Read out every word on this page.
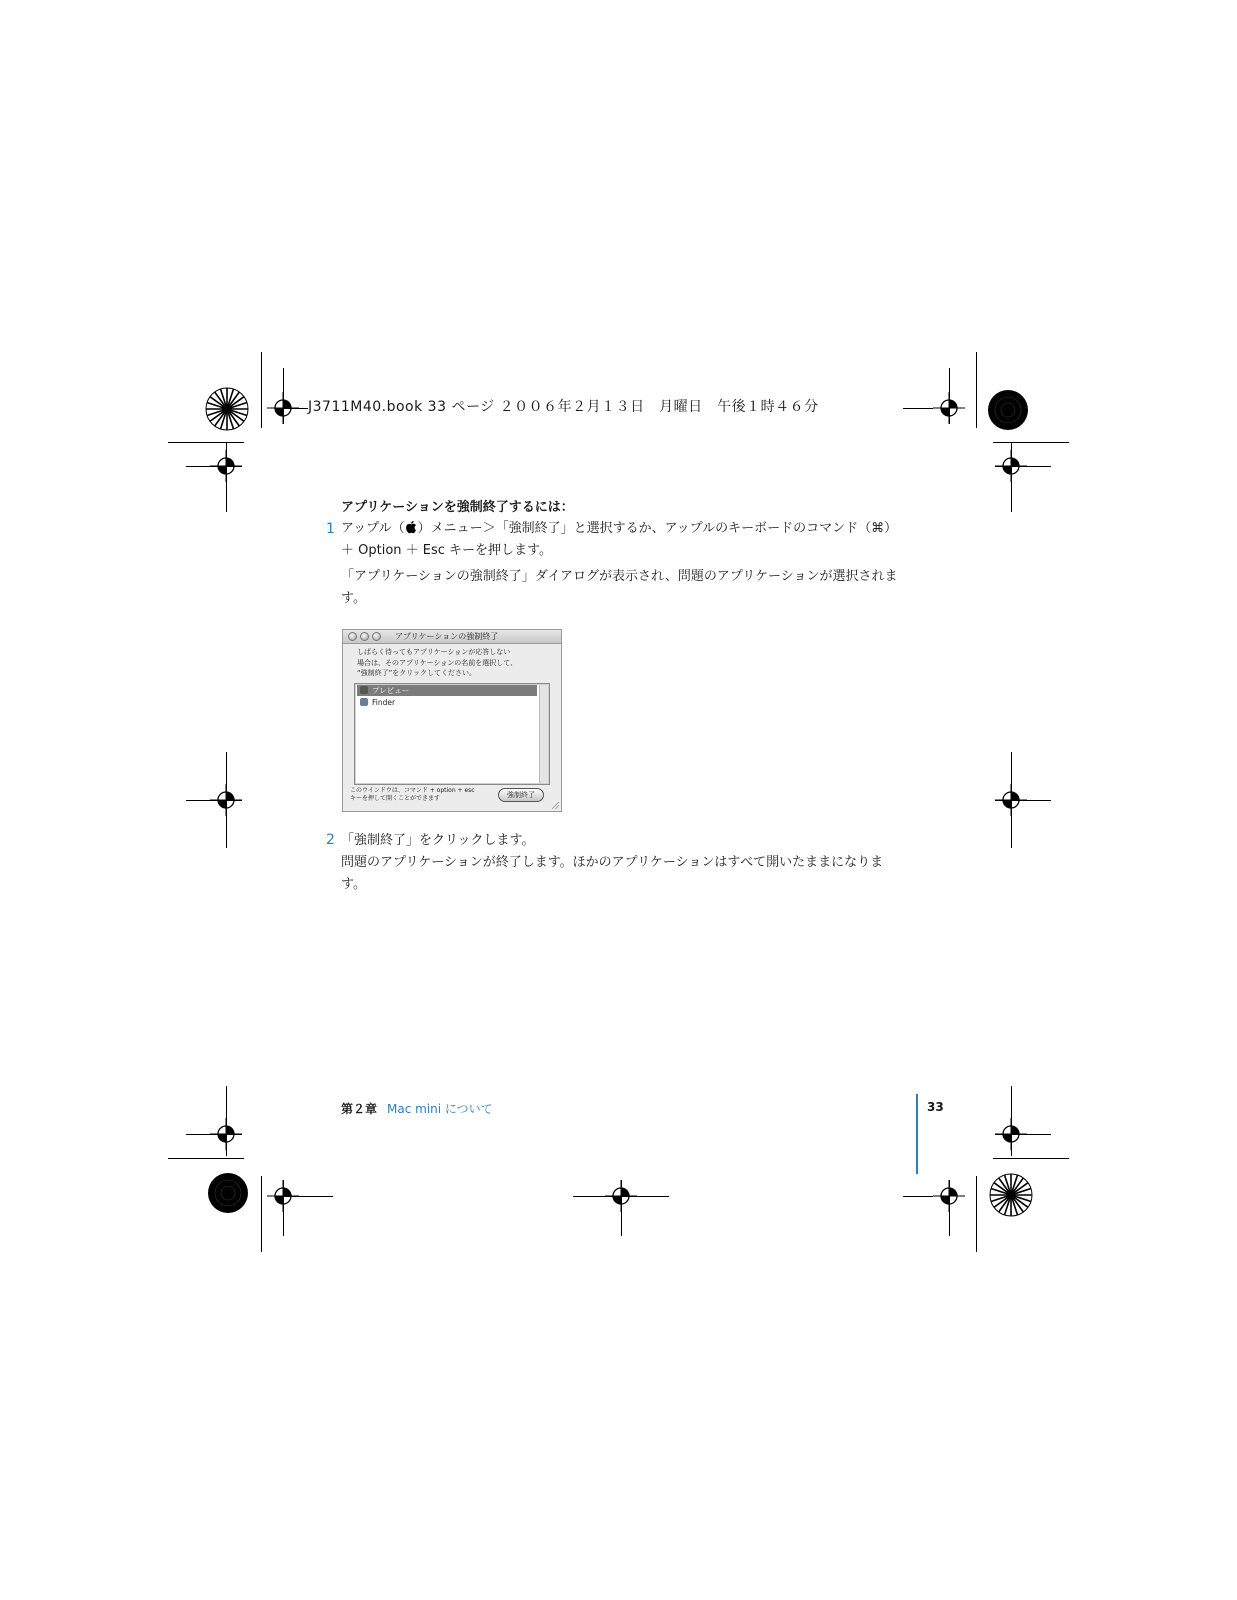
J3711M40.book 33 ページ ２００６年２月１３日　月曜日　午後１時４６分
アプリケーションを強制終了するには：
1 アップル（ ）メニュー＞「強制終了」と選択するか、アップルのキーボードのコマンド（⌘）
＋ Option ＋ Esc キーを押します。
「アプリケーションの強制終了」ダイアログが表示され、問題のアプリケーションが選択されま
す。
アプリケーションの強制終了
しばらく待ってもアプリケーションが応答しない
場合は、そのアプリケーションの名前を選択して、
“強制終了”をクリックしてください。
プレビュー
Finder
このウインドウは、コマンド + option + esc
キーを押して開くことができます	強制終了
2 「強制終了」をクリックします。
問題のアプリケーションが終了します。ほかのアプリケーションはすべて開いたままになりま
す。
第２章 Mac mini について	33
